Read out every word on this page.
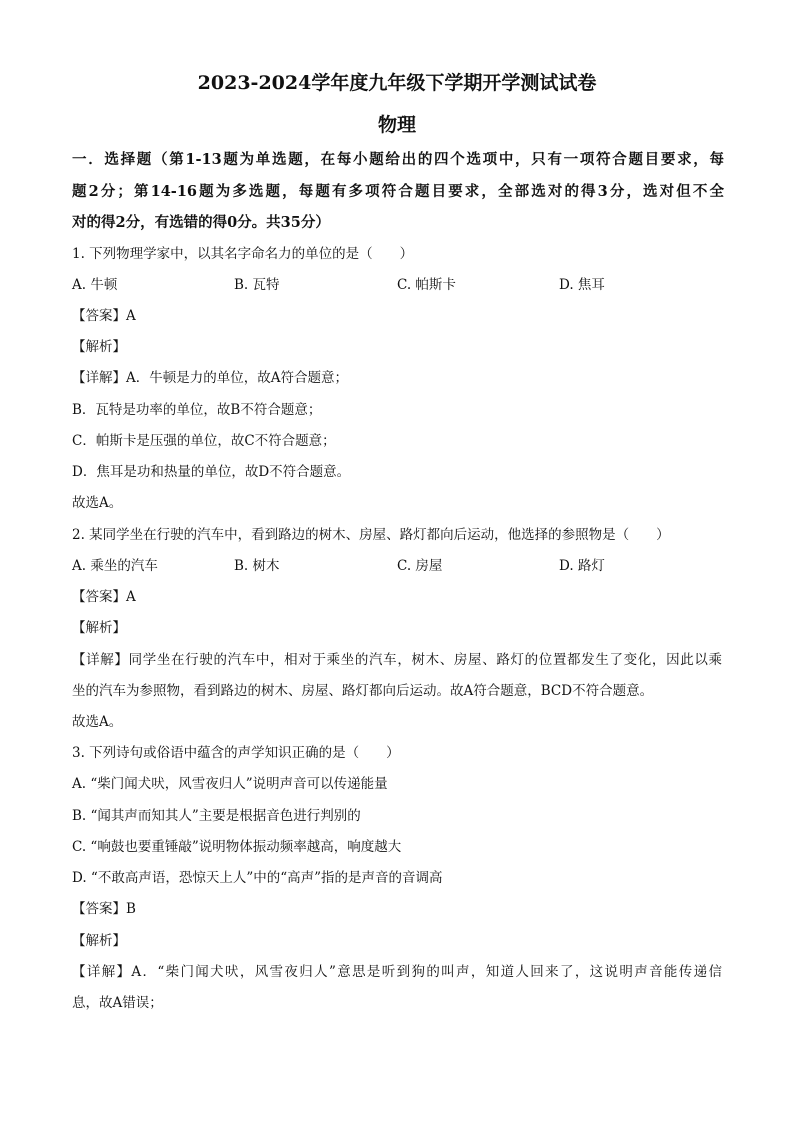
2023-2024学年度九年级下学期开学测试试卷
物理
一．选择题（第1-13题为单选题，在每小题给出的四个选项中，只有一项符合题目要求，每
题2分；第14-16题为多选题，每题有多项符合题目要求，全部选对的得3分，选对但不全
对的得2分，有选错的得0分。共35分）
1. 下列物理学家中，以其名字命名力的单位的是（　　）
A. 牛顿	B. 瓦特	C. 帕斯卡	D. 焦耳
【答案】A
【解析】
【详解】A．牛顿是力的单位，故A符合题意；
B．瓦特是功率的单位，故B不符合题意；
C．帕斯卡是压强的单位，故C不符合题意；
D．焦耳是功和热量的单位，故D不符合题意。
故选A。
2. 某同学坐在行驶的汽车中，看到路边的树木、房屋、路灯都向后运动，他选择的参照物是（　　）
A. 乘坐的汽车	B. 树木	C. 房屋	D. 路灯
【答案】A
【解析】
【详解】同学坐在行驶的汽车中，相对于乘坐的汽车，树木、房屋、路灯的位置都发生了变化，因此以乘
坐的汽车为参照物，看到路边的树木、房屋、路灯都向后运动。故A符合题意，BCD不符合题意。
故选A。
3. 下列诗句或俗语中蕴含的声学知识正确的是（　　）
A. “柴门闻犬吠，风雪夜归人”说明声音可以传递能量
B. “闻其声而知其人”主要是根据音色进行判别的
C. “响鼓也要重锤敲”说明物体振动频率越高，响度越大
D. “不敢高声语，恐惊天上人”中的“高声”指的是声音的音调高
【答案】B
【解析】
【详解】A．“柴门闻犬吠，风雪夜归人”意思是听到狗的叫声，知道人回来了，这说明声音能传递信
息，故A错误；
